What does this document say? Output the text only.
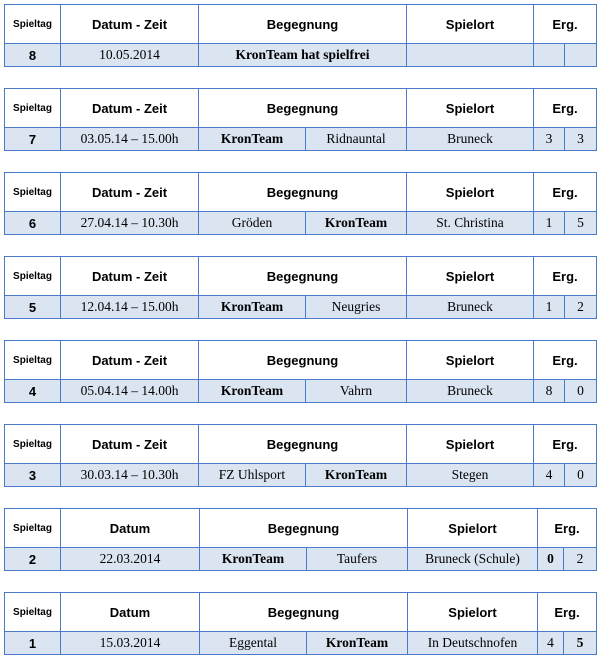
Spieltag	Datum - Zeit	Begegnung	Spielort	Erg.	
8	10.05.2014	KronTeam hat spielfrei			
Spieltag	Datum - Zeit	Begegnung		Spielort	Erg.	
7	03.05.14 – 15.00h	KronTeam	Ridnauntal	Bruneck	3	3
Spieltag	Datum - Zeit	Begegnung		Spielort	Erg.	
6	27.04.14 – 10.30h	Gröden	KronTeam	St. Christina	1	5
Spieltag	Datum - Zeit	Begegnung		Spielort	Erg.	
5	12.04.14 – 15.00h	KronTeam	Neugries	Bruneck	1	2
Spieltag	Datum - Zeit	Begegnung		Spielort	Erg.	
4	05.04.14 – 14.00h	KronTeam	Vahrn	Bruneck	8	0
Spieltag	Datum - Zeit	Begegnung		Spielort	Erg.	
3	30.03.14 – 10.30h	FZ Uhlsport	KronTeam	Stegen	4	0
Spieltag	Datum	Begegnung		Spielort	Erg.	
2	22.03.2014	KronTeam	Taufers	Bruneck (Schule)	0	2
Spieltag	Datum	Begegnung		Spielort	Erg.	
1	15.03.2014	Eggental	KronTeam	In Deutschnofen	4	5
